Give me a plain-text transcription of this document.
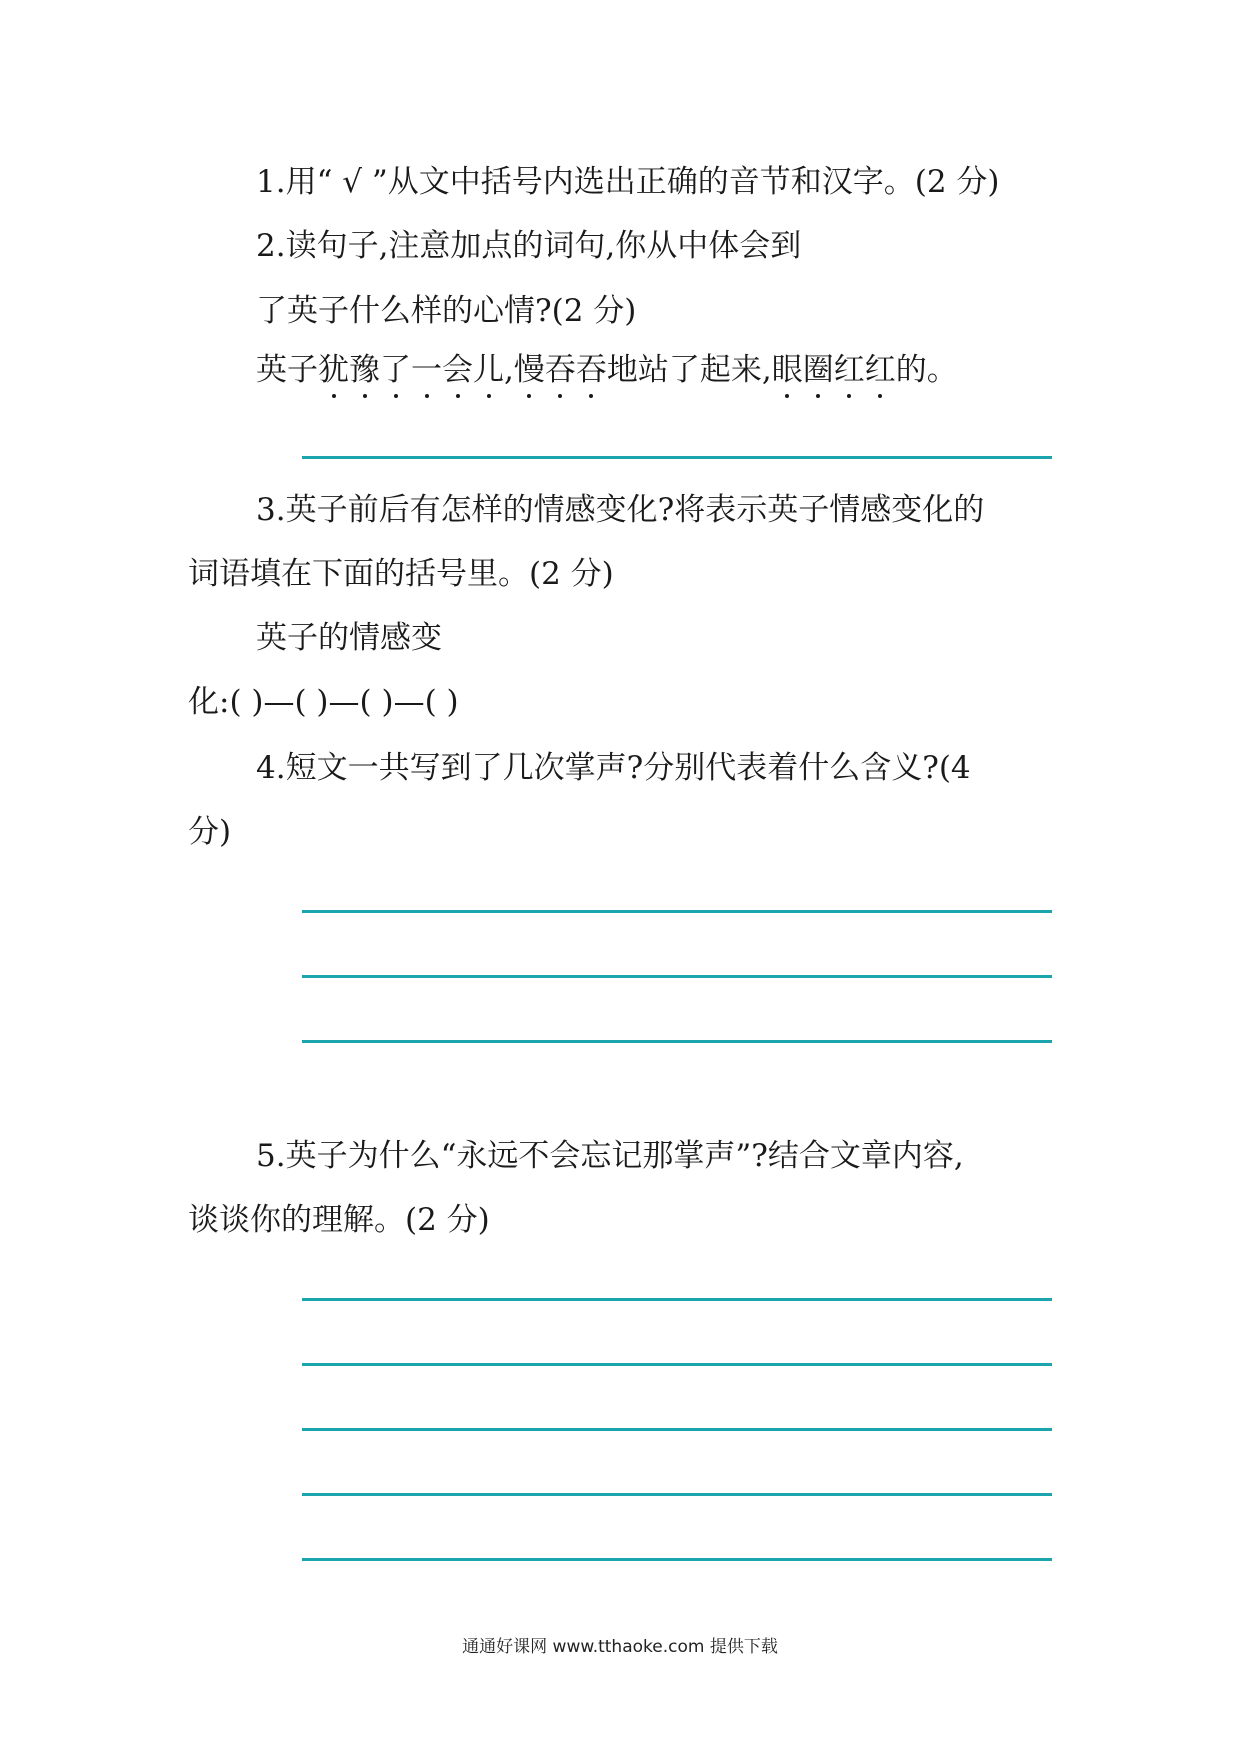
1.用“ √ ”从文中括号内选出正确的音节和汉字。(2 分)
2.读句子,注意加点的词句,你从中体会到
了英子什么样的心情?(2 分)
英子犹豫了一会儿,慢吞吞地站了起来,眼圈红红的。
3.英子前后有怎样的情感变化?将表示英子情感变化的
词语填在下面的括号里。(2 分)
英子的情感变
化:( )—( )—( )—( )
4.短文一共写到了几次掌声?分别代表着什么含义?(4
分)
5.英子为什么“永远不会忘记那掌声”?结合文章内容,
谈谈你的理解。(2 分)
通通好课网 www.tthaoke.com 提供下载
